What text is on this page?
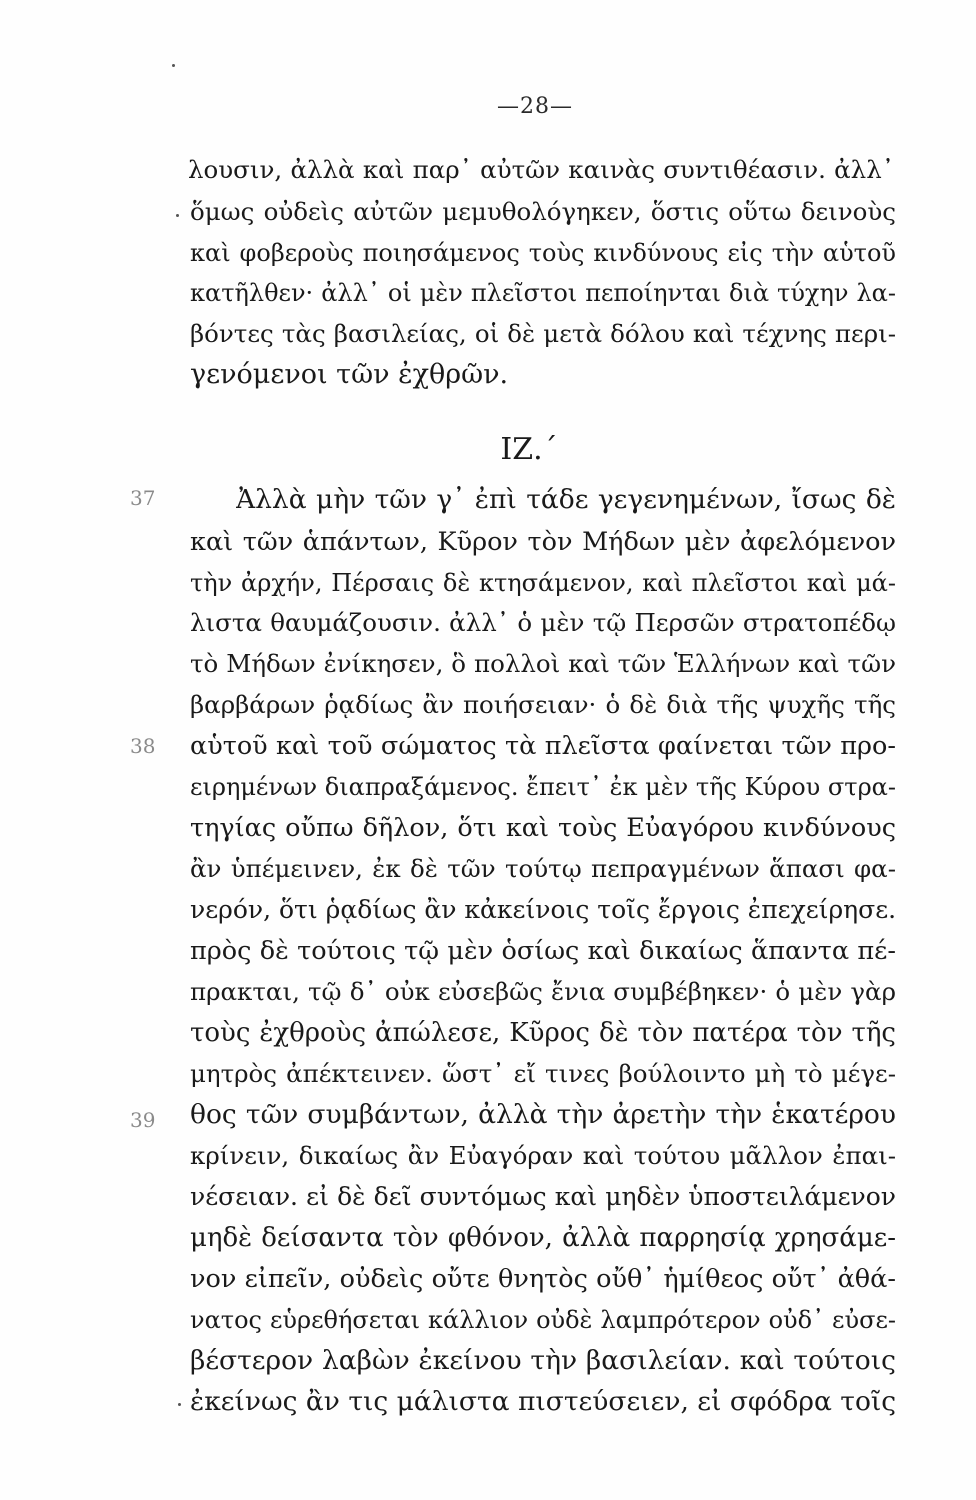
—28—
λουσιν, ἀλλὰ καὶ παρ᾽ αὐτῶν καινὰς συντιθέασιν. ἀλλ᾽
ὅμως οὐδεὶς αὐτῶν μεμυθολόγηκεν, ὅστις οὕτω δεινοὺς
καὶ φοβεροὺς ποιησάμενος τοὺς κινδύνους εἰς τὴν αὑτοῦ
κατῆλθεν· ἀλλ᾽ οἱ μὲν πλεῖστοι πεποίηνται διὰ τύχην λα-
βόντες τὰς βασιλείας, οἱ δὲ μετὰ δόλου καὶ τέχνης περι-
γενόμενοι τῶν ἐχθρῶν.
ΙΖ.΄
37
38
39
Ἀλλὰ μὴν τῶν γ᾽ ἐπὶ τάδε γεγενημένων, ἴσως δὲ
καὶ τῶν ἁπάντων, Κῦρον τὸν Μήδων μὲν ἀφελόμενον
τὴν ἀρχήν, Πέρσαις δὲ κτησάμενον, καὶ πλεῖστοι καὶ μά-
λιστα θαυμάζουσιν. ἀλλ᾽ ὁ μὲν τῷ Περσῶν στρατοπέδῳ
τὸ Μήδων ἐνίκησεν, ὃ πολλοὶ καὶ τῶν Ἑλλήνων καὶ τῶν
βαρβάρων ῥᾳδίως ἂν ποιήσειαν· ὁ δὲ διὰ τῆς ψυχῆς τῆς
αὑτοῦ καὶ τοῦ σώματος τὰ πλεῖστα φαίνεται τῶν προ-
ειρημένων διαπραξάμενος. ἔπειτ᾽ ἐκ μὲν τῆς Κύρου στρα-
τηγίας οὔπω δῆλον, ὅτι καὶ τοὺς Εὐαγόρου κινδύνους
ἂν ὑπέμεινεν, ἐκ δὲ τῶν τούτῳ πεπραγμένων ἅπασι φα-
νερόν, ὅτι ῥᾳδίως ἂν κἀκείνοις τοῖς ἔργοις ἐπεχείρησε.
πρὸς δὲ τούτοις τῷ μὲν ὁσίως καὶ δικαίως ἅπαντα πέ-
πρακται, τῷ δ᾽ οὐκ εὐσεβῶς ἔνια συμβέβηκεν· ὁ μὲν γὰρ
τοὺς ἐχθροὺς ἀπώλεσε, Κῦρος δὲ τὸν πατέρα τὸν τῆς
μητρὸς ἀπέκτεινεν. ὥστ᾽ εἴ τινες βούλοιντο μὴ τὸ μέγε-
θος τῶν συμβάντων, ἀλλὰ τὴν ἀρετὴν τὴν ἑκατέρου
κρίνειν, δικαίως ἂν Εὐαγόραν καὶ τούτου μᾶλλον ἐπαι-
νέσειαν. εἰ δὲ δεῖ συντόμως καὶ μηδὲν ὑποστειλάμενον
μηδὲ δείσαντα τὸν φθόνον, ἀλλὰ παρρησίᾳ χρησάμε-
νον εἰπεῖν, οὐδεὶς οὔτε θνητὸς οὔθ᾽ ἡμίθεος οὔτ᾽ ἀθά-
νατος εὑρεθήσεται κάλλιον οὐδὲ λαμπρότερον οὐδ᾽ εὐσε-
βέστερον λαβὼν ἐκείνου τὴν βασιλείαν. καὶ τούτοις
ἐκείνως ἂν τις μάλιστα πιστεύσειεν, εἰ σφόδρα τοῖς
